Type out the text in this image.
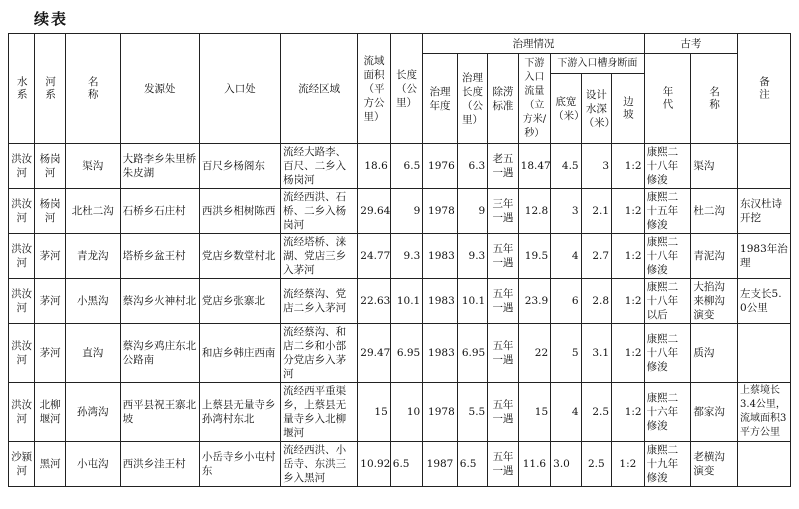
续表
水系	河系	名称	发源处	入口处	流经区域	流域面积（平方公里）	长度（公里）	治理情况							古考		备注

								治理年度	治理长度（公里）	除涝标准	下游入口流量（立方米/秒）	下游入口槽身断面			年代	名称	

												底宽（米）	设计水深（米）	边坡			

洪汝河	杨岗河	渠沟	大路李乡朱里桥朱皮湖	百尺乡杨阁东	流经大路李、百尺、二乡入杨岗河	18.6	6.5	1976	6.3	老五一遇	18.47	4.5	3	1:2	康熙二十八年修浚	渠沟	
洪汝河	杨岗河	北杜二沟	石桥乡石庄村	西洪乡相树陈西	流经西洪、石桥、二乡入杨岗河	29.64	9	1978	9	三年一遇	12.8	3	2.1	1:2	康熙二十五年修浚	杜二沟	东汉杜诗开挖
洪汝河	茅河	青龙沟	塔桥乡盆王村	党店乡数堂村北	流经塔桥、涞湖、党店三乡入茅河	24.77	9.3	1983	9.3	五年一遇	19.5	4	2.7	1:2	康熙二十八年修浚	青泥沟	1983年治理
洪汝河	茅河	小黑沟	蔡沟乡火神村北	党店乡张寨北	流经蔡沟、党店二乡入茅河	22.63	10.1	1983	10.1	五年一遇	23.9	6	2.8	1:2	康熙二十八年以后	大掐沟来柳沟演变	左支长5.0公里
洪汝河	茅河	直沟	蔡沟乡鸡庄东北公路南	和店乡韩庄西南	流经蔡沟、和店二乡和小部分党店乡入茅河	29.47	6.95	1983	6.95	五年一遇	22	5	3.1	1:2	康熙二十八年修浚	质沟	
洪汝河	北柳堰河	孙湾沟	西平县祝王寨北坡	上蔡县无量寺乡孙湾村东北	流经西平重渠乡，上蔡县无量寺乡入北柳堰河	15	10	1978	5.5	五年一遇	15	4	2.5	1:2	康熙二十六年修浚	都家沟	上蔡境长3.4公里，流域面积3平方公里
沙颍河	黑河	小屯沟	西洪乡洼王村	小岳寺乡小屯村东	流经西洪、小岳寺、东洪三乡入黑河	10.92	6.5	1987	6.5	五年一遇	11.6	3.0	2.5	1:2	康熙二十九年修浚	老横沟演变	
